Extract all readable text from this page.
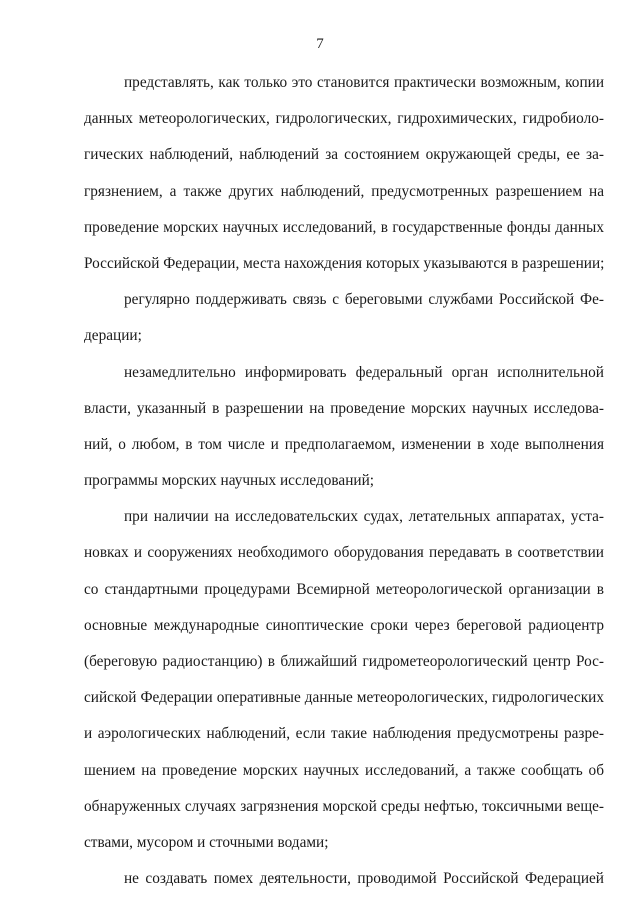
7
представлять, как только это становится практически возможным, копии
данных метеорологических, гидрологических, гидрохимических, гидробиоло-
гических наблюдений, наблюдений за состоянием окружающей среды, ее за-
грязнением, а также других наблюдений, предусмотренных разрешением на
проведение морских научных исследований, в государственные фонды данных
Российской Федерации, места нахождения которых указываются в разрешении;
регулярно поддерживать связь с береговыми службами Российской Фе-
дерации;
незамедлительно информировать федеральный орган исполнительной
власти, указанный в разрешении на проведение морских научных исследова-
ний, о любом, в том числе и предполагаемом, изменении в ходе выполнения
программы морских научных исследований;
при наличии на исследовательских судах, летательных аппаратах, уста-
новках и сооружениях необходимого оборудования передавать в соответствии
со стандартными процедурами Всемирной метеорологической организации в
основные международные синоптические сроки через береговой радиоцентр
(береговую радиостанцию) в ближайший гидрометеорологический центр Рос-
сийской Федерации оперативные данные метеорологических, гидрологических
и аэрологических наблюдений, если такие наблюдения предусмотрены разре-
шением на проведение морских научных исследований, а также сообщать об
обнаруженных случаях загрязнения морской среды нефтью, токсичными веще-
ствами, мусором и сточными водами;
не создавать помех деятельности, проводимой Российской Федерацией
